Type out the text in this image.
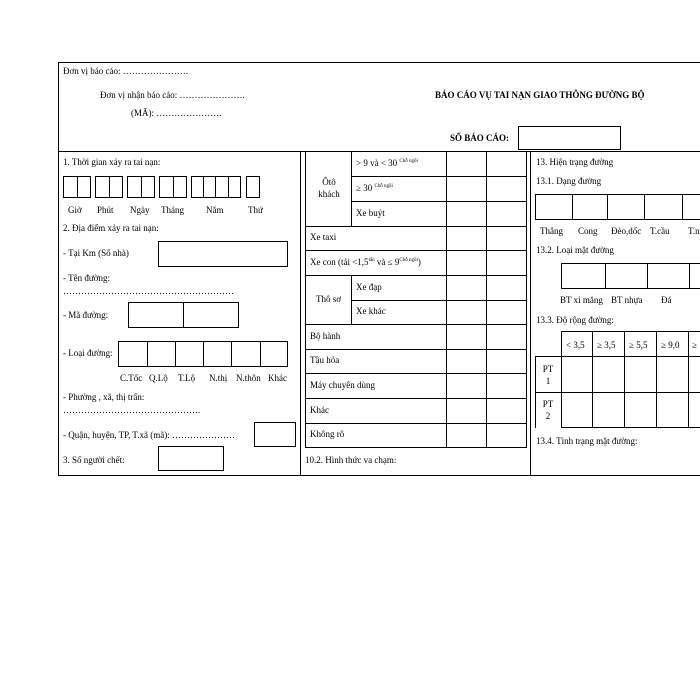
Đơn vị báo cáo: ………………….
Đơn vị nhận báo cáo: ………………….
(MÃ): ………………….
BÁO CÁO VỤ TAI NẠN GIAO THÔNG ĐƯỜNG BỘ
SỐ BÁO CÁO:
1. Thời gian xảy ra tai nạn:
Giờ Phút Ngày Tháng Năm	Thứ
2. Địa điểm xảy ra tai nạn:
- Tại Km (Số nhà)
- Tên đường:
…………………………………………………
- Mã đường:
- Loại đường:
C.Tốc Q.Lộ T.Lộ N.thị N.thôn Khác
- Phường , xã, thị trấn:
……………………………………….
- Quận, huyện, TP, T.xã (mã): …………………
3. Số người chết:
Ôtô khách
> 9 và < 30 $^{Chỗ ngồi}$
≥ 30 $^{Chỗ ngồi}$
Xe buýt
Xe taxi
Xe con (tải $<1,5^{tấn}$ và ≤ $9^{Chỗ ngồi}$)
Thô sơ
Xe đạp
Xe khác
Bộ hành
Tầu hỏa
Máy chuyên dùng
Khác
Không rõ
10.2. Hình thức va chạm:
13. Hiện trạng đường
13.1. Dạng đường
Thẳng Cong Đèo,dốc T.cầu T.n
13.2. Loại mặt đường
BT xi măng BT nhựa Đá
13.3. Độ rộng đường:
< 3,5 ≥ 3,5 ≥ 5,5 ≥ 9,0 ≥
PT 1
PT 2
13.4. Tình trạng mặt đường:
